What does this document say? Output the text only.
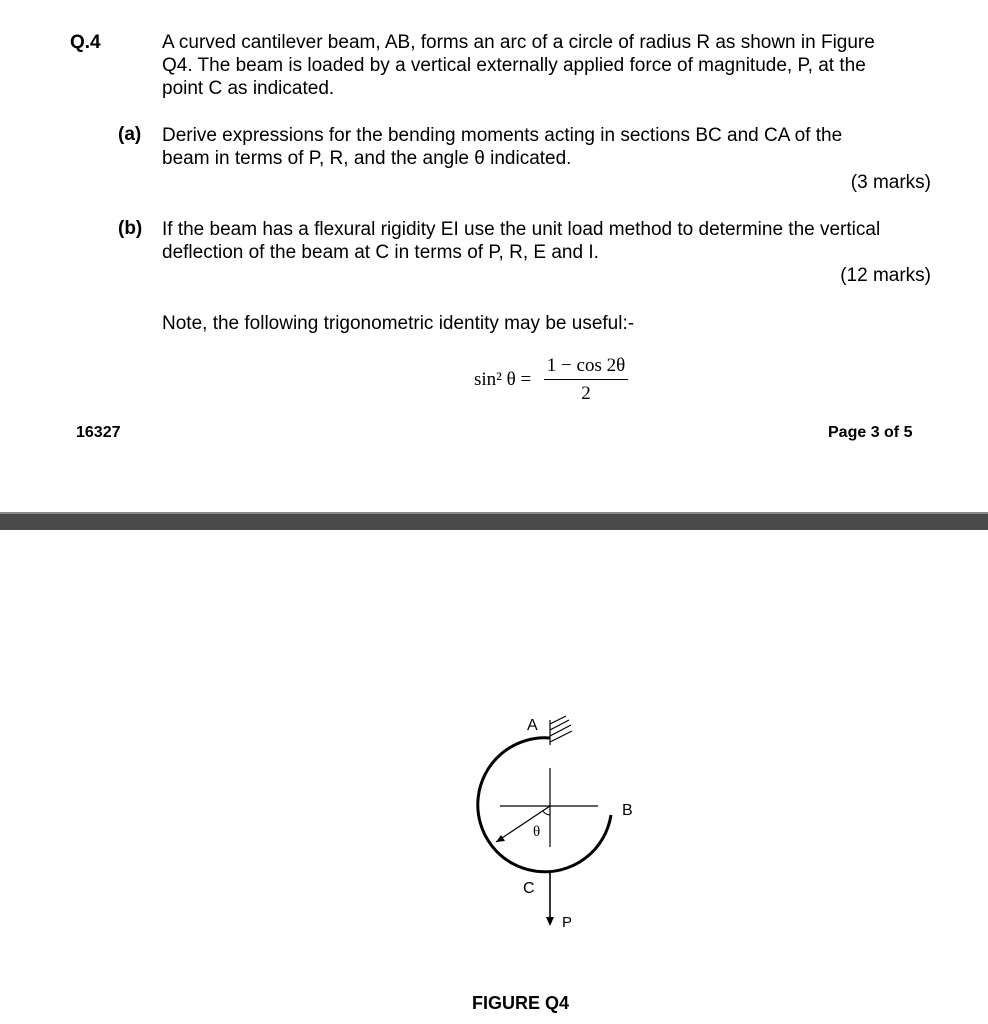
Q.4	A curved cantilever beam, AB, forms an arc of a circle of radius R as shown in Figure Q4. The beam is loaded by a vertical externally applied force of magnitude, P, at the point C as indicated.
(a) Derive expressions for the bending moments acting in sections BC and CA of the beam in terms of P, R, and the angle θ indicated.
(3 marks)
(b) If the beam has a flexural rigidity EI use the unit load method to determine the vertical deflection of the beam at C in terms of P, R, E and I.
(12 marks)
Note, the following trigonometric identity may be useful:-
sin² $\theta = \frac{1 - \cos 2\theta}{2}$
16327	Page 3 of 5
A
B
C
P
θ
FIGURE Q4
